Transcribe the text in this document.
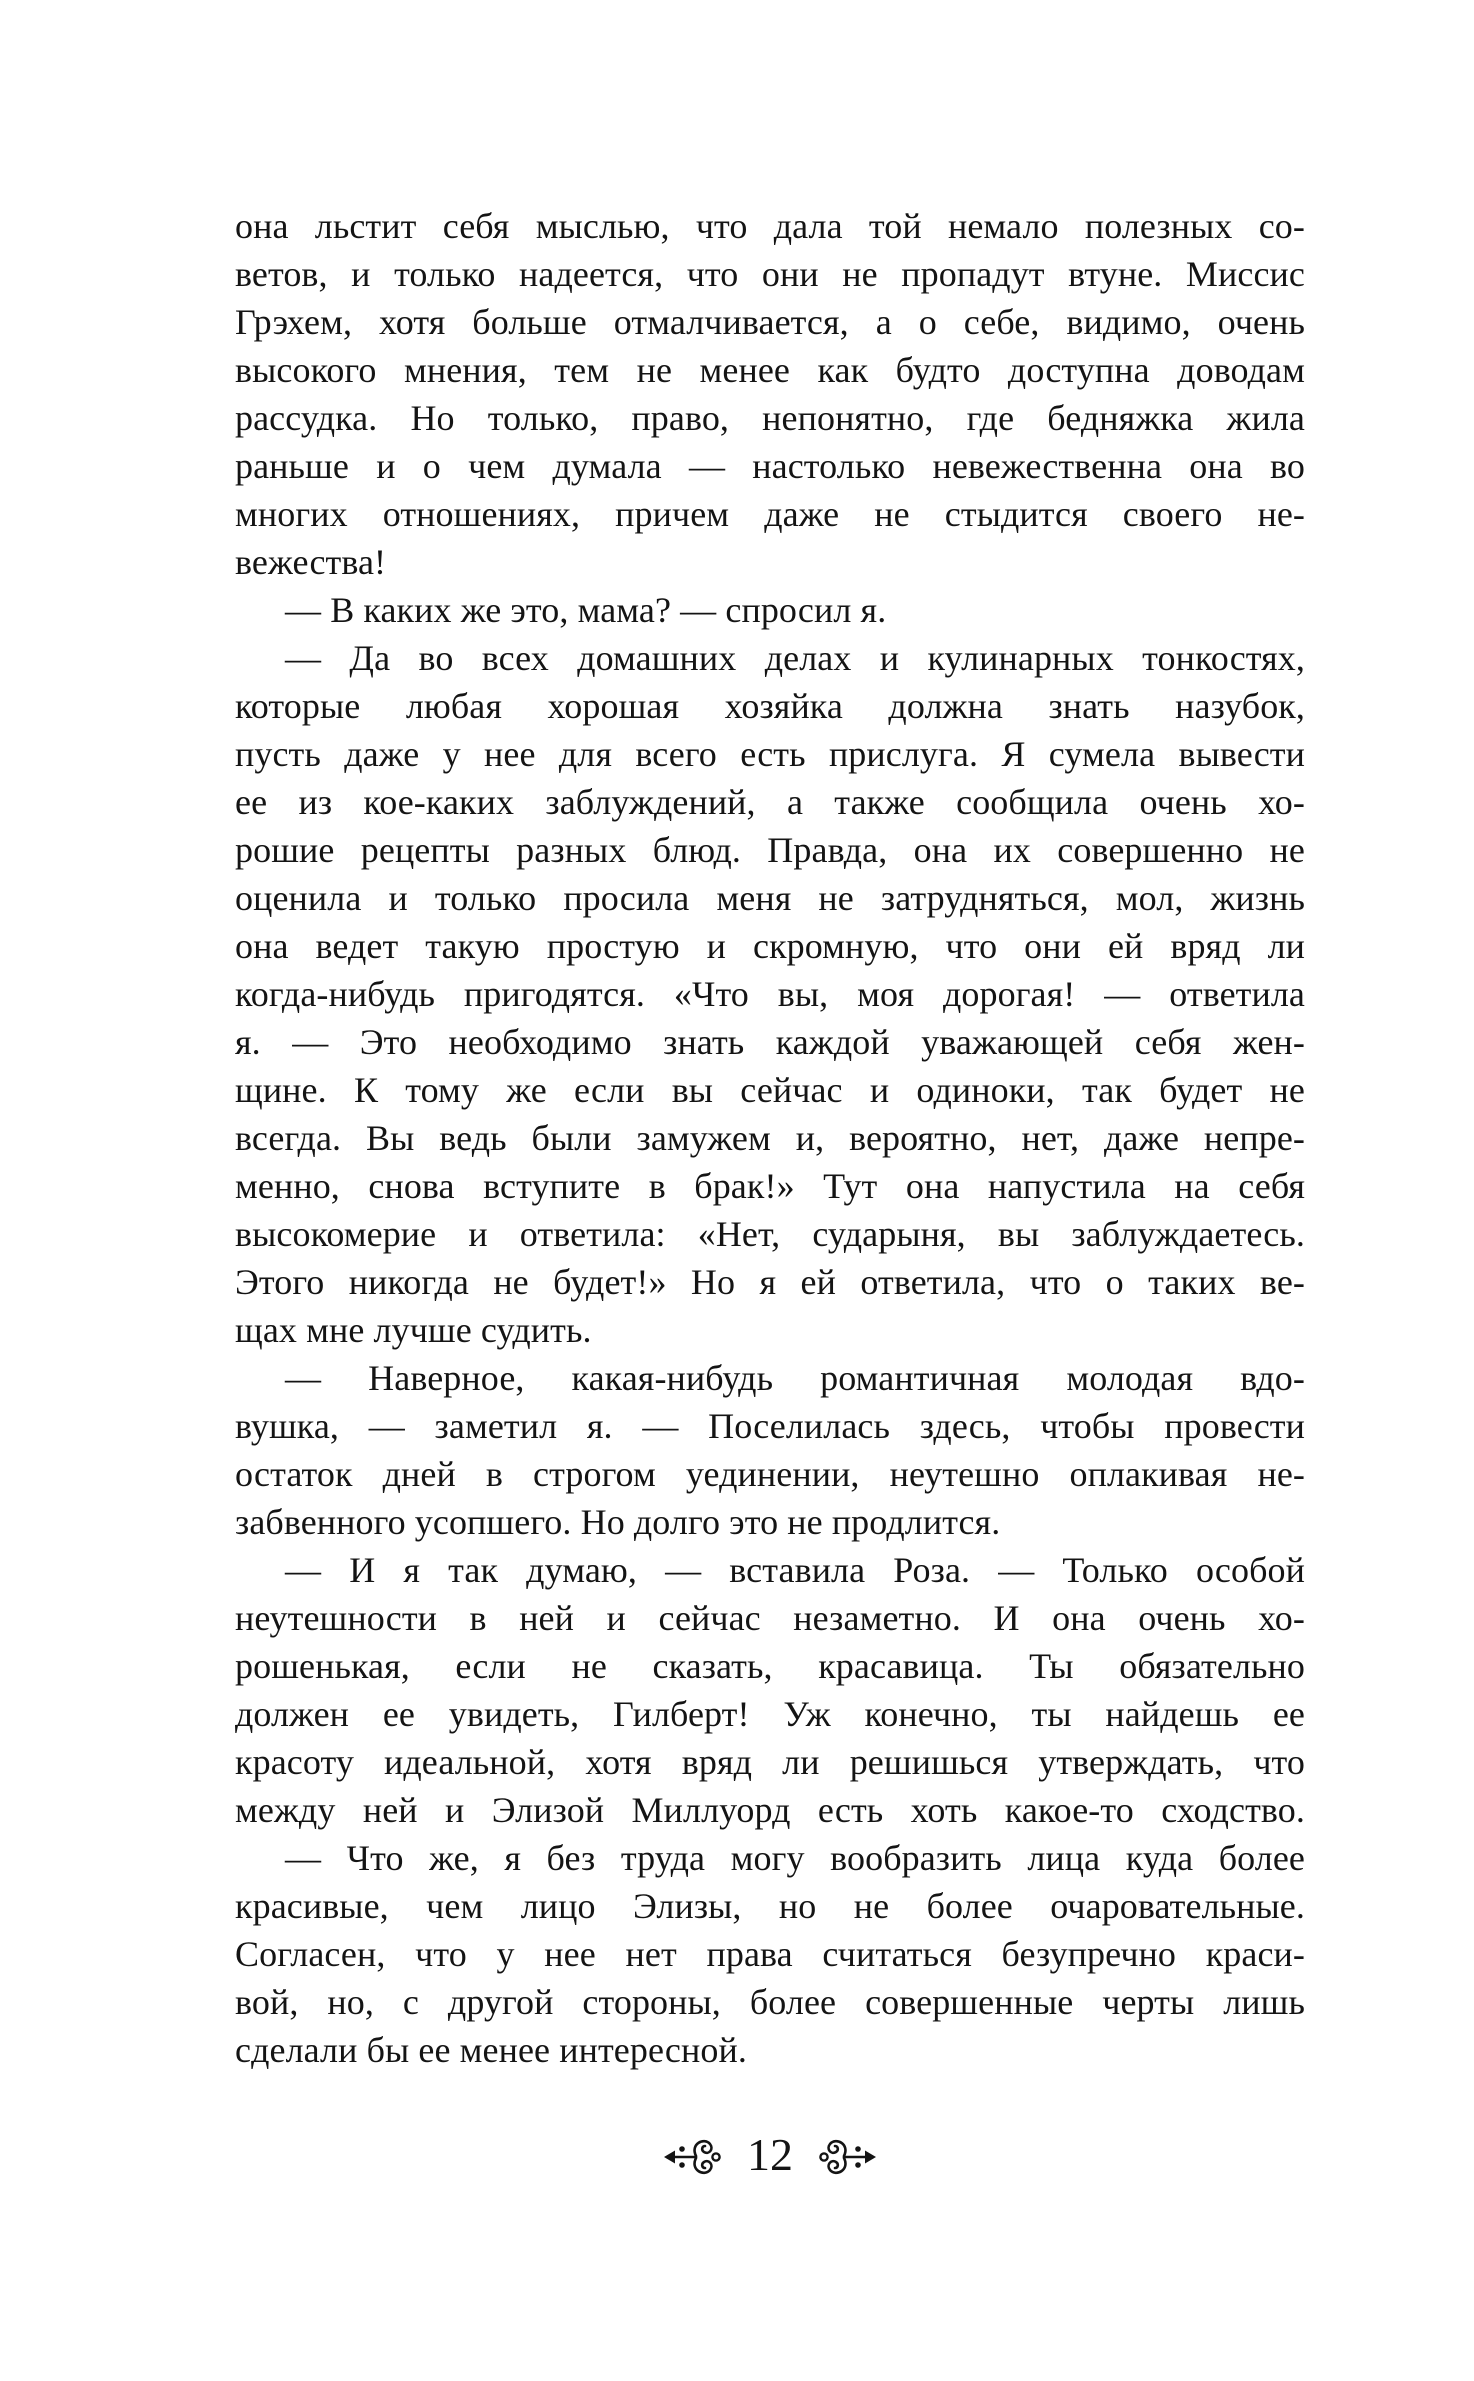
она льстит себя мыслью, что дала той немало полезных со-
ветов, и только надеется, что они не пропадут втуне. Миссис
Грэхем, хотя больше отмалчивается, а о себе, видимо, очень
высокого мнения, тем не менее как будто доступна доводам
рассудка. Но только, право, непонятно, где бедняжка жила
раньше и о чем думала — настолько невежественна она во
многих отношениях, причем даже не стыдится своего не-
вежества!

— В каких же это, мама? — спросил я.

— Да во всех домашних делах и кулинарных тонкостях,
которые любая хорошая хозяйка должна знать назубок,
пусть даже у нее для всего есть прислуга. Я сумела вывести
ее из кое-каких заблуждений, а также сообщила очень хо-
рошие рецепты разных блюд. Правда, она их совершенно не
оценила и только просила меня не затрудняться, мол, жизнь
она ведет такую простую и скромную, что они ей вряд ли
когда-нибудь пригодятся. «Что вы, моя дорогая! — ответила
я. — Это необходимо знать каждой уважающей себя жен-
щине. К тому же если вы сейчас и одиноки, так будет не
всегда. Вы ведь были замужем и, вероятно, нет, даже непре-
менно, снова вступите в брак!» Тут она напустила на себя
высокомерие и ответила: «Нет, сударыня, вы заблуждаетесь.
Этого никогда не будет!» Но я ей ответила, что о таких ве-
щах мне лучше судить.

— Наверное, какая-нибудь романтичная молодая вдо-
вушка, — заметил я. — Поселилась здесь, чтобы провести
остаток дней в строгом уединении, неутешно оплакивая не-
забвенного усопшего. Но долго это не продлится.

— И я так думаю, — вставила Роза. — Только особой
неутешности в ней и сейчас незаметно. И она очень хо-
рошенькая, если не сказать, красавица. Ты обязательно
должен ее увидеть, Гилберт! Уж конечно, ты найдешь ее
красоту идеальной, хотя вряд ли решишься утверждать, что
между ней и Элизой Миллуорд есть хоть какое-то сходство.

— Что же, я без труда могу вообразить лица куда более
красивые, чем лицо Элизы, но не более очаровательные.
Согласен, что у нее нет права считаться безупречно краси-
вой, но, с другой стороны, более совершенные черты лишь
сделали бы ее менее интересной.

12
